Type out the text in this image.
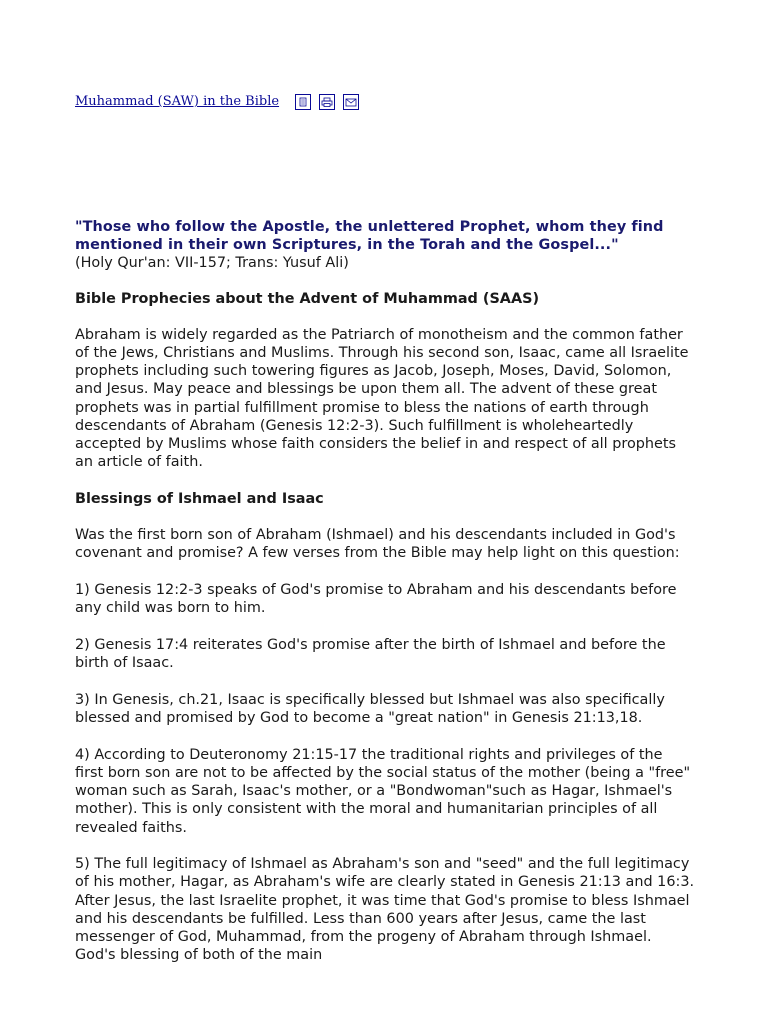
Muhammad (SAW) in the Bible

"Those who follow the Apostle, the unlettered Prophet, whom they find mentioned in their own Scriptures, in the Torah and the Gospel..."

(Holy Qur'an: VII-157; Trans: Yusuf Ali)

Bible Prophecies about the Advent of Muhammad (SAAS)

Abraham is widely regarded as the Patriarch of monotheism and the common father of the Jews, Christians and Muslims. Through his second son, Isaac, came all Israelite prophets including such towering figures as Jacob, Joseph, Moses, David, Solomon, and Jesus. May peace and blessings be upon them all. The advent of these great prophets was in partial fulfillment promise to bless the nations of earth through descendants of Abraham (Genesis 12:2-3). Such fulfillment is wholeheartedly accepted by Muslims whose faith considers the belief in and respect of all prophets an article of faith.

Blessings of Ishmael and Isaac

Was the first born son of Abraham (Ishmael) and his descendants included in God's covenant and promise? A few verses from the Bible may help light on this question:

1) Genesis 12:2-3 speaks of God's promise to Abraham and his descendants before any child was born to him.

2) Genesis 17:4 reiterates God's promise after the birth of Ishmael and before the birth of Isaac.

3) In Genesis, ch.21, Isaac is specifically blessed but Ishmael was also specifically blessed and promised by God to become a "great nation" in Genesis 21:13,18.

4) According to Deuteronomy 21:15-17 the traditional rights and privileges of the first born son are not to be affected by the social status of the mother (being a "free" woman such as Sarah, Isaac's mother, or a "Bondwoman"such as Hagar, Ishmael's mother). This is only consistent with the moral and humanitarian principles of all revealed faiths.

5) The full legitimacy of Ishmael as Abraham's son and "seed" and the full legitimacy of his mother, Hagar, as Abraham's wife are clearly stated in Genesis 21:13 and 16:3. After Jesus, the last Israelite prophet, it was time that God's promise to bless Ishmael and his descendants be fulfilled. Less than 600 years after Jesus, came the last messenger of God, Muhammad, from the progeny of Abraham through Ishmael. God's blessing of both of the main
